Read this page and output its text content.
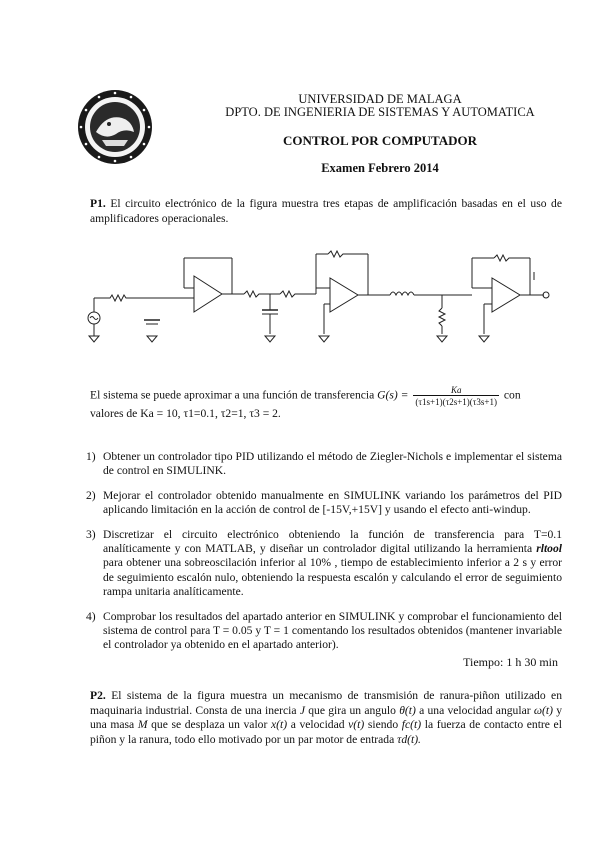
UNIVERSIDAD DE MALAGA
DPTO. DE INGENIERIA DE SISTEMAS Y AUTOMATICA
CONTROL POR COMPUTADOR
Examen Febrero 2014
P1. El circuito electrónico de la figura muestra tres etapas de amplificación basadas en el uso de amplificadores operacionales.
El sistema se puede aproximar a una función de transferencia $G(s) = \frac{Ka}{(\tau 1s+1)(\tau 2s+1)(\tau 3s+1)}$ con
valores de Ka = 10, τ1=0.1, τ2=1, τ3 = 2.
1) Obtener un controlador tipo PID utilizando el método de Ziegler-Nichols e implementar el sistema de control en SIMULINK.
2) Mejorar el controlador obtenido manualmente en SIMULINK variando los parámetros del PID aplicando limitación en la acción de control de [-15V,+15V] y usando el efecto anti-windup.
3) Discretizar el circuito electrónico obteniendo la función de transferencia para T=0.1 analíticamente y con MATLAB, y diseñar un controlador digital utilizando la herramienta rltool para obtener una sobreoscilación inferior al 10% , tiempo de establecimiento inferior a 2 s y error de seguimiento escalón nulo, obteniendo la respuesta escalón y calculando el error de seguimiento rampa unitaria analíticamente.
4) Comprobar los resultados del apartado anterior en SIMULINK y comprobar el funcionamiento del sistema de control para T = 0.05 y T = 1 comentando los resultados obtenidos (mantener invariable el controlador ya obtenido en el apartado anterior).
Tiempo: 1 h 30 min
P2. El sistema de la figura muestra un mecanismo de transmisión de ranura-piñon utilizado en maquinaria industrial. Consta de una inercia J que gira un angulo θ(t) a una velocidad angular ω(t) y una masa M que se desplaza un valor x(t) a velocidad v(t) siendo fc(t) la fuerza de contacto entre el piñon y la ranura, todo ello motivado por un par motor de entrada τd(t).
